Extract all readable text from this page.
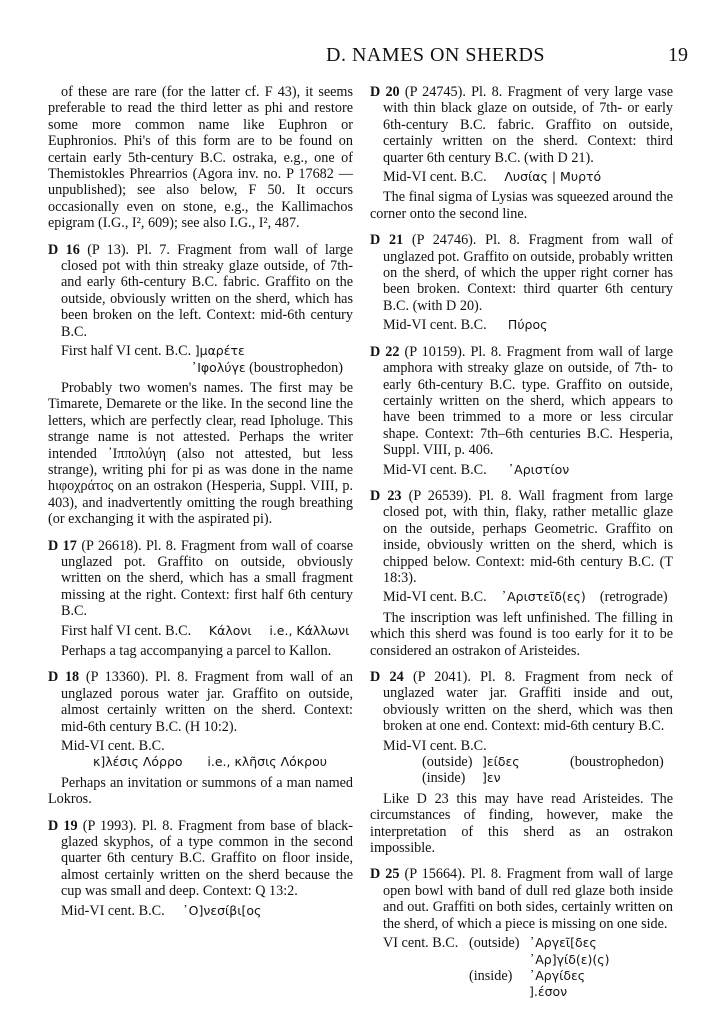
D. NAMES ON SHERDS	19

of these are rare (for the latter cf. F 43), it seems preferable to read the third letter as phi and restore some more common name like Euphron or Euphronios. Phi's of this form are to be found on certain early 5th-century B.C. ostraka, e.g., one of Themistokles Phrearrios (Agora inv. no. P 17682 — unpublished); see also below, F 50. It occurs occasionally even on stone, e.g., the Kallimachos epigram (I.G., I², 609); see also I.G., I², 487.

D 16 (P 13). Pl. 7. Fragment from wall of large closed pot with thin streaky glaze outside, of 7th- and early 6th-century B.C. fabric. Graffito on the outside, obviously written on the sherd, which has been broken on the left. Context: mid-6th century B.C.

First half VI cent. B.C. ]μαρέτε

᾿Ιφολύγε (boustrophedon)

Probably two women's names. The first may be Timarete, Demarete or the like. In the second line the letters, which are perfectly clear, read Ipholuge. This strange name is not attested. Perhaps the writer intended ᾿Ιππολύγη (also not attested, but less strange), writing phi for pi as was done in the name hιφοχράτος on an ostrakon (Hesperia, Suppl. VIII, p. 403), and inadvertently omitting the rough breathing (or exchanging it with the aspirated pi).

D 17 (P 26618). Pl. 8. Fragment from wall of coarse unglazed pot. Graffito on outside, obviously written on the sherd, which has a small fragment missing at the right. Context: first half 6th century B.C.

First half VI cent. B.C. Κάλονι i.e., Κάλλωνι

Perhaps a tag accompanying a parcel to Kallon.

D 18 (P 13360). Pl. 8. Fragment from wall of an unglazed porous water jar. Graffito on outside, almost certainly written on the sherd. Context: mid-6th century B.C. (H 10:2).

Mid-VI cent. B.C.

κ]λέσις Λόρρο i.e., κλῆσις Λόκρου

Perhaps an invitation or summons of a man named Lokros.

D 19 (P 1993). Pl. 8. Fragment from base of black-glazed skyphos, of a type common in the second quarter 6th century B.C. Graffito on floor inside, almost certainly written on the sherd because the cup was small and deep. Context: Q 13:2.

Mid-VI cent. B.C. ᾿Ο]νεσίβι[ος

D 20 (P 24745). Pl. 8. Fragment of very large vase with thin black glaze on outside, of 7th- or early 6th-century B.C. fabric. Graffito on outside, certainly written on the sherd. Context: third quarter 6th century B.C. (with D 21).

Mid-VI cent. B.C. Λυσίας | Μυρτό

The final sigma of Lysias was squeezed around the corner onto the second line.

D 21 (P 24746). Pl. 8. Fragment from wall of unglazed pot. Graffito on outside, probably written on the sherd, of which the upper right corner has been broken. Context: third quarter 6th century B.C. (with D 20).

Mid-VI cent. B.C. Πύρος

D 22 (P 10159). Pl. 8. Fragment from wall of large amphora with streaky glaze on outside, of 7th- to early 6th-century B.C. type. Graffito on outside, certainly written on the sherd, which appears to have been trimmed to a more or less circular shape. Context: 7th–6th centuries B.C. Hesperia, Suppl. VIII, p. 406.

Mid-VI cent. B.C. ᾿Αριστίον

D 23 (P 26539). Pl. 8. Wall fragment from large closed pot, with thin, flaky, rather metallic glaze on the outside, perhaps Geometric. Graffito on inside, obviously written on the sherd, which is chipped below. Context: mid-6th century B.C. (T 18:3).

Mid-VI cent. B.C. ᾿Αριστεῖδ(ες) (retrograde)

The inscription was left unfinished. The filling in which this sherd was found is too early for it to be considered an ostrakon of Aristeides.

D 24 (P 2041). Pl. 8. Fragment from neck of unglazed water jar. Graffiti inside and out, obviously written on the sherd, which was then broken at one end. Context: mid-6th century B.C.

Mid-VI cent. B.C.

(outside) ]είδες	(boustrophedon)
(inside)	]εν

Like D 23 this may have read Aristeides. The circumstances of finding, however, make the interpretation of this sherd as an ostrakon impossible.

D 25 (P 15664). Pl. 8. Fragment from wall of large open bowl with band of dull red glaze both inside and out. Graffiti on both sides, certainly written on the sherd, of which a piece is missing on one side.

VI cent. B.C. (outside) ᾿Αργεῖ[δες
᾿Αρ]γίδ(ε)(ς)
(inside)	᾿Αργίδες
].έσον
